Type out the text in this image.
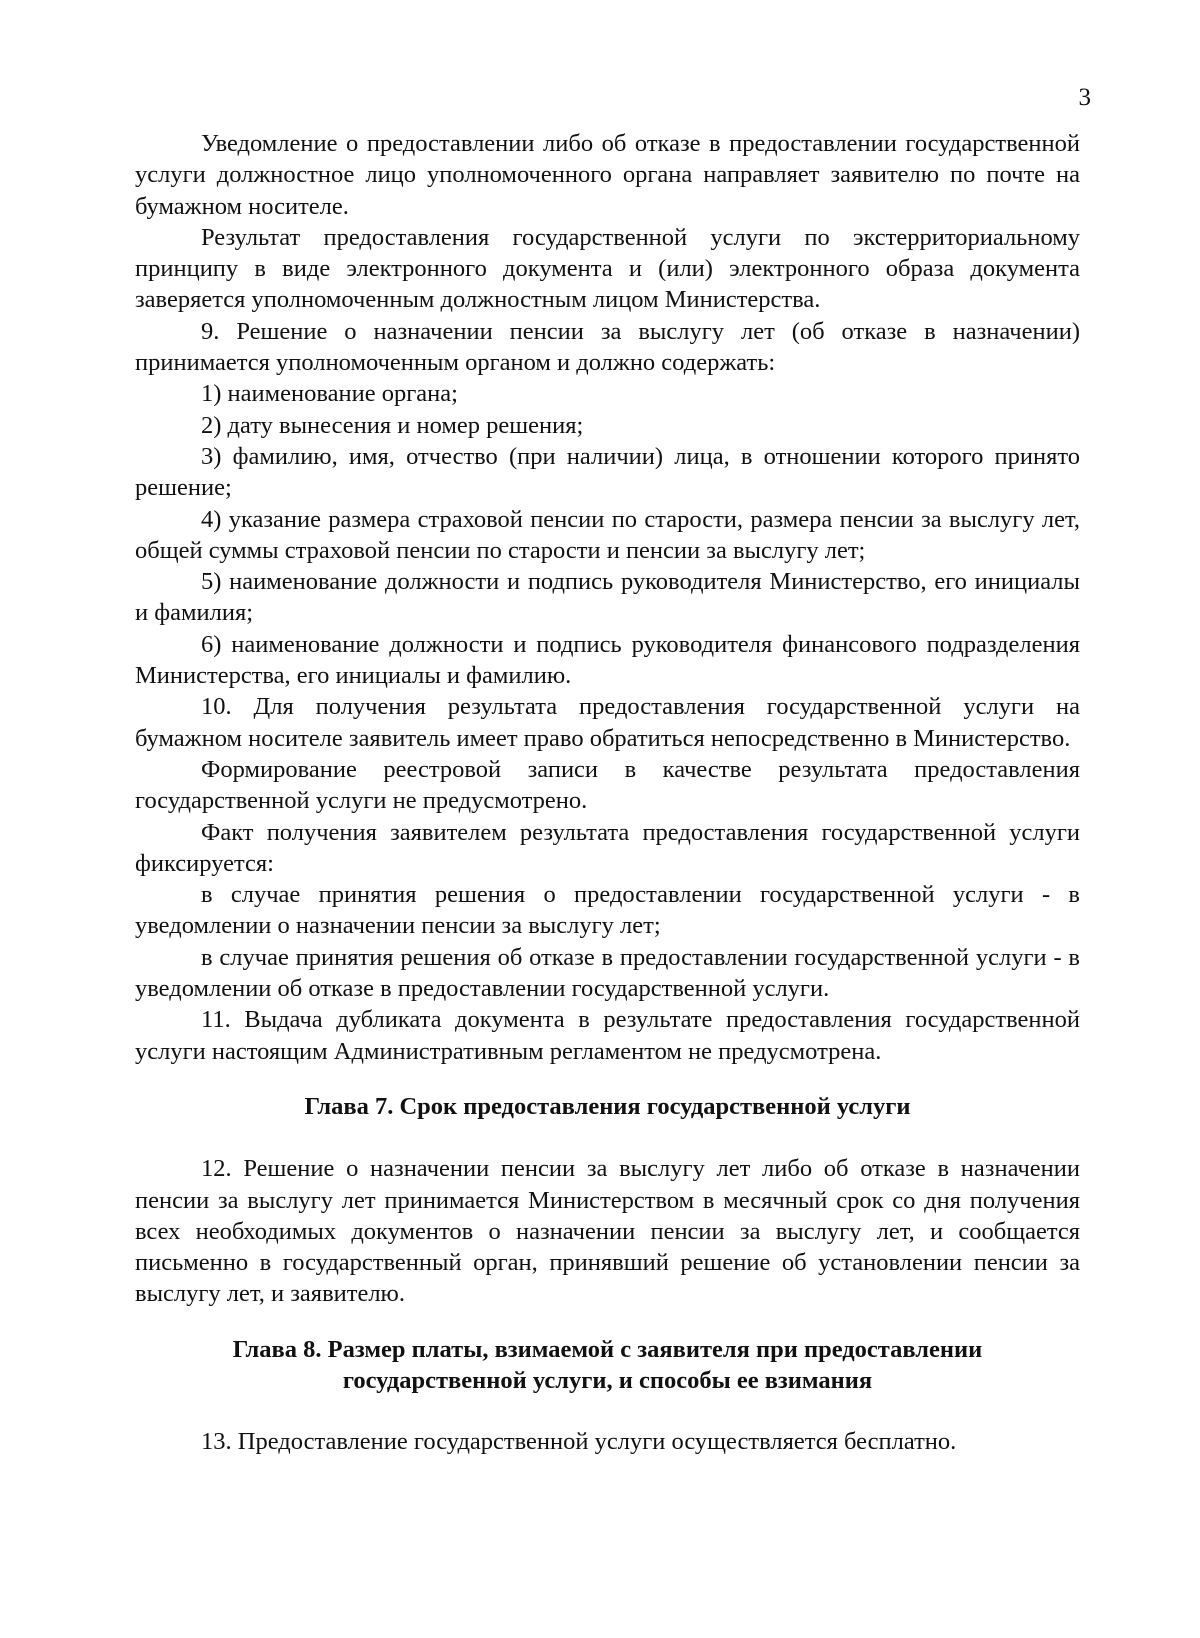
3

Уведомление о предоставлении либо об отказе в предоставлении государственной услуги должностное лицо уполномоченного органа направляет заявителю по почте на бумажном носителе.

Результат предоставления государственной услуги по экстерриториальному принципу в виде электронного документа и (или) электронного образа документа заверяется уполномоченным должностным лицом Министерства.

9. Решение о назначении пенсии за выслугу лет (об отказе в назначении) принимается уполномоченным органом и должно содержать:

1) наименование органа;

2) дату вынесения и номер решения;

3) фамилию, имя, отчество (при наличии) лица, в отношении которого принято решение;

4) указание размера страховой пенсии по старости, размера пенсии за выслугу лет, общей суммы страховой пенсии по старости и пенсии за выслугу лет;

5) наименование должности и подпись руководителя Министерство, его инициалы и фамилия;

6) наименование должности и подпись руководителя финансового подразделения Министерства, его инициалы и фамилию.

10. Для получения результата предоставления государственной услуги на бумажном носителе заявитель имеет право обратиться непосредственно в Министерство.

Формирование реестровой записи в качестве результата предоставления государственной услуги не предусмотрено.

Факт получения заявителем результата предоставления государственной услуги фиксируется:

в случае принятия решения о предоставлении государственной услуги - в уведомлении о назначении пенсии за выслугу лет;

в случае принятия решения об отказе в предоставлении государственной услуги - в уведомлении об отказе в предоставлении государственной услуги.

11. Выдача дубликата документа в результате предоставления государственной услуги настоящим Административным регламентом не предусмотрена.

Глава 7. Срок предоставления государственной услуги

12. Решение о назначении пенсии за выслугу лет либо об отказе в назначении пенсии за выслугу лет принимается Министерством в месячный срок со дня получения всех необходимых документов о назначении пенсии за выслугу лет, и сообщается письменно в государственный орган, принявший решение об установлении пенсии за выслугу лет, и заявителю.

Глава 8. Размер платы, взимаемой с заявителя при предоставлении
государственной услуги, и способы ее взимания

13. Предоставление государственной услуги осуществляется бесплатно.
